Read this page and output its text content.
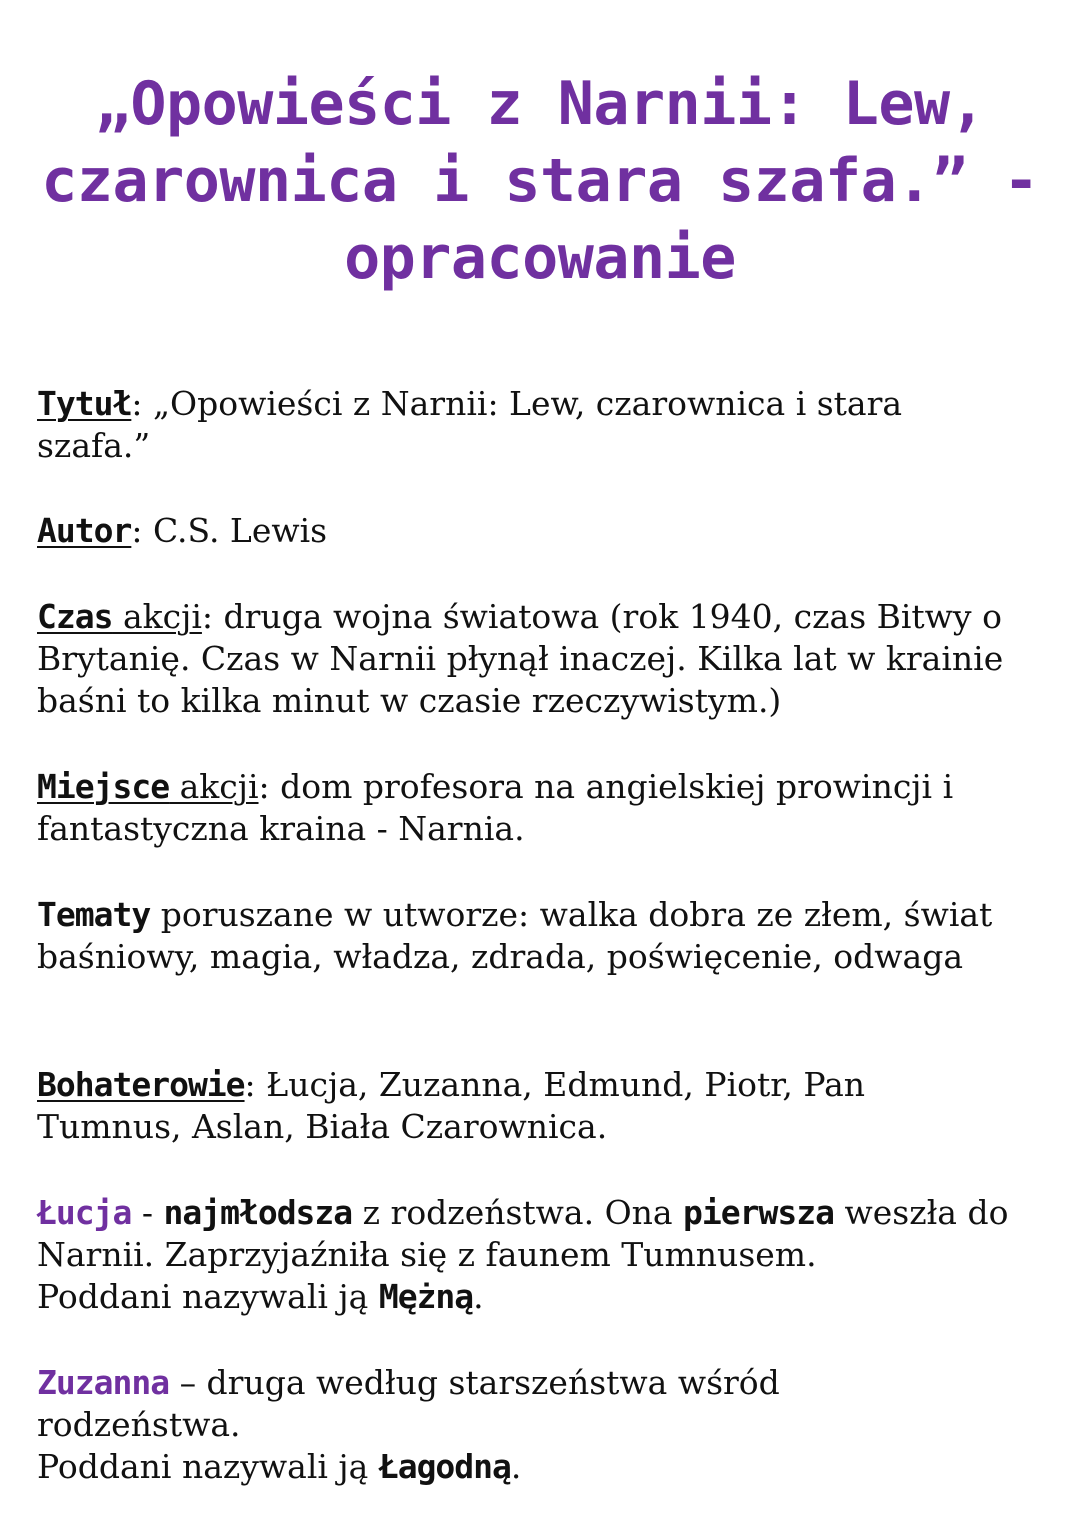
„Opowieści z Narnii: Lew,
czarownica i stara szafa.” -
opracowanie
Tytuł: „Opowieści z Narnii: Lew, czarownica i stara szafa.”
Autor: C.S. Lewis
Czas akcji: druga wojna światowa (rok 1940, czas Bitwy o Brytanię. Czas w Narnii płynął inaczej. Kilka lat w krainie baśni to kilka minut w czasie rzeczywistym.)
Miejsce akcji: dom profesora na angielskiej prowincji i fantastyczna kraina - Narnia.
Tematy poruszane w utworze: walka dobra ze złem, świat baśniowy, magia, władza, zdrada, poświęcenie, odwaga
Bohaterowie: Łucja, Zuzanna, Edmund, Piotr, Pan Tumnus, Aslan, Biała Czarownica.
Łucja - najmłodsza z rodzeństwa. Ona pierwsza weszła do Narnii. Zaprzyjaźniła się z faunem Tumnusem.
Poddani nazywali ją Mężną.
Zuzanna – druga według starszeństwa wśród rodzeństwa.
Poddani nazywali ją Łagodną.
